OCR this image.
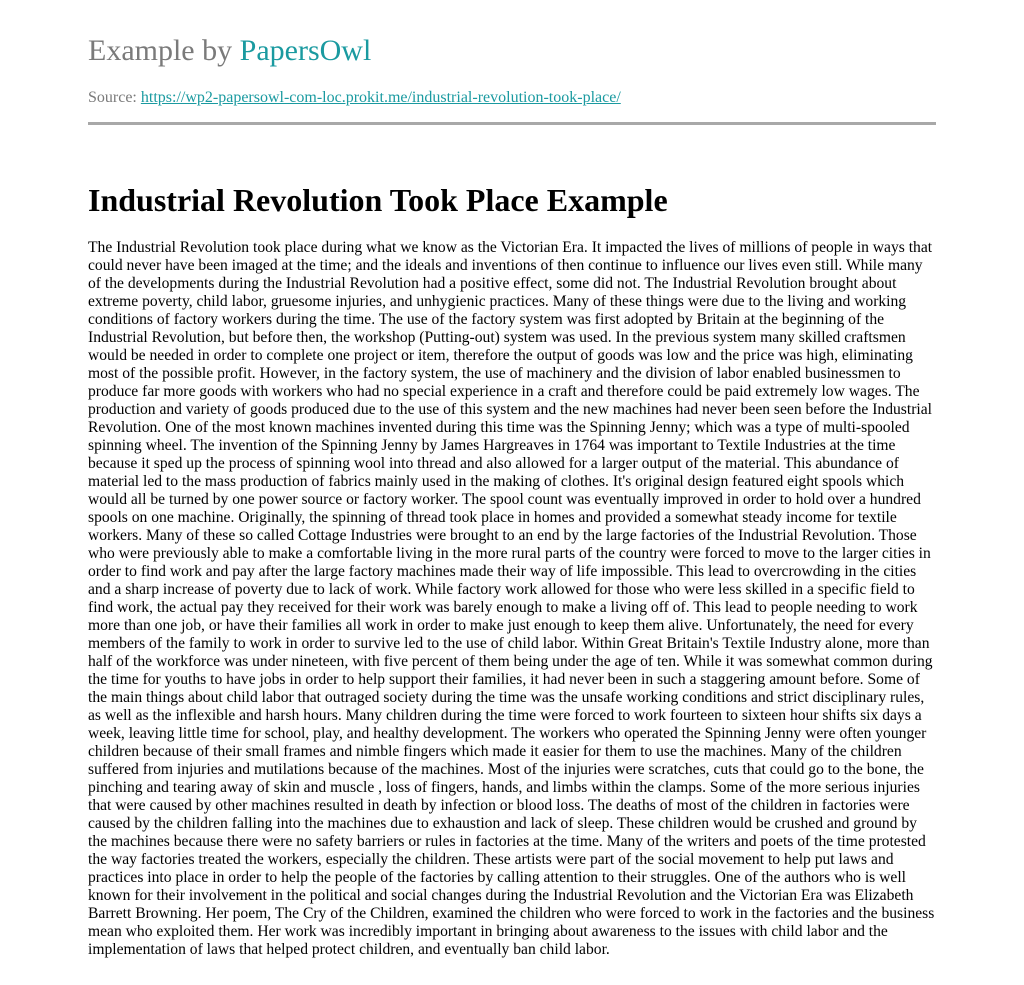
Example by PapersOwl
Source: https://wp2-papersowl-com-loc.prokit.me/industrial-revolution-took-place/
Industrial Revolution Took Place Example

The Industrial Revolution took place during what we know as the Victorian Era. It impacted the lives of millions of people in ways that could never have been imaged at the time; and the ideals and inventions of then continue to influence our lives even still. While many of the developments during the Industrial Revolution had a positive effect, some did not. The Industrial Revolution brought about extreme poverty, child labor, gruesome injuries, and unhygienic practices. Many of these things were due to the living and working conditions of factory workers during the time. The use of the factory system was first adopted by Britain at the beginning of the Industrial Revolution, but before then, the workshop (Putting-out) system was used. In the previous system many skilled craftsmen would be needed in order to complete one project or item, therefore the output of goods was low and the price was high, eliminating most of the possible profit. However, in the factory system, the use of machinery and the division of labor enabled businessmen to produce far more goods with workers who had no special experience in a craft and therefore could be paid extremely low wages. The production and variety of goods produced due to the use of this system and the new machines had never been seen before the Industrial Revolution. One of the most known machines invented during this time was the Spinning Jenny; which was a type of multi-spooled spinning wheel. The invention of the Spinning Jenny by James Hargreaves in 1764 was important to Textile Industries at the time because it sped up the process of spinning wool into thread and also allowed for a larger output of the material. This abundance of material led to the mass production of fabrics mainly used in the making of clothes. It's original design featured eight spools which would all be turned by one power source or factory worker. The spool count was eventually improved in order to hold over a hundred spools on one machine. Originally, the spinning of thread took place in homes and provided a somewhat steady income for textile workers. Many of these so called Cottage Industries were brought to an end by the large factories of the Industrial Revolution. Those who were previously able to make a comfortable living in the more rural parts of the country were forced to move to the larger cities in order to find work and pay after the large factory machines made their way of life impossible. This lead to overcrowding in the cities and a sharp increase of poverty due to lack of work. While factory work allowed for those who were less skilled in a specific field to find work, the actual pay they received for their work was barely enough to make a living off of. This lead to people needing to work more than one job, or have their families all work in order to make just enough to keep them alive. Unfortunately, the need for every members of the family to work in order to survive led to the use of child labor. Within Great Britain's Textile Industry alone, more than half of the workforce was under nineteen, with five percent of them being under the age of ten. While it was somewhat common during the time for youths to have jobs in order to help support their families, it had never been in such a staggering amount before. Some of the main things about child labor that outraged society during the time was the unsafe working conditions and strict disciplinary rules, as well as the inflexible and harsh hours. Many children during the time were forced to work fourteen to sixteen hour shifts six days a week, leaving little time for school, play, and healthy development. The workers who operated the Spinning Jenny were often younger children because of their small frames and nimble fingers which made it easier for them to use the machines. Many of the children suffered from injuries and mutilations because of the machines. Most of the injuries were scratches, cuts that could go to the bone, the pinching and tearing away of skin and muscle , loss of fingers, hands, and limbs within the clamps. Some of the more serious injuries that were caused by other machines resulted in death by infection or blood loss. The deaths of most of the children in factories were caused by the children falling into the machines due to exhaustion and lack of sleep. These children would be crushed and ground by the machines because there were no safety barriers or rules in factories at the time. Many of the writers and poets of the time protested the way factories treated the workers, especially the children. These artists were part of the social movement to help put laws and practices into place in order to help the people of the factories by calling attention to their struggles. One of the authors who is well known for their involvement in the political and social changes during the Industrial Revolution and the Victorian Era was Elizabeth Barrett Browning. Her poem, The Cry of the Children, examined the children who were forced to work in the factories and the business mean who exploited them. Her work was incredibly important in bringing about awareness to the issues with child labor and the implementation of laws that helped protect children, and eventually ban child labor.
